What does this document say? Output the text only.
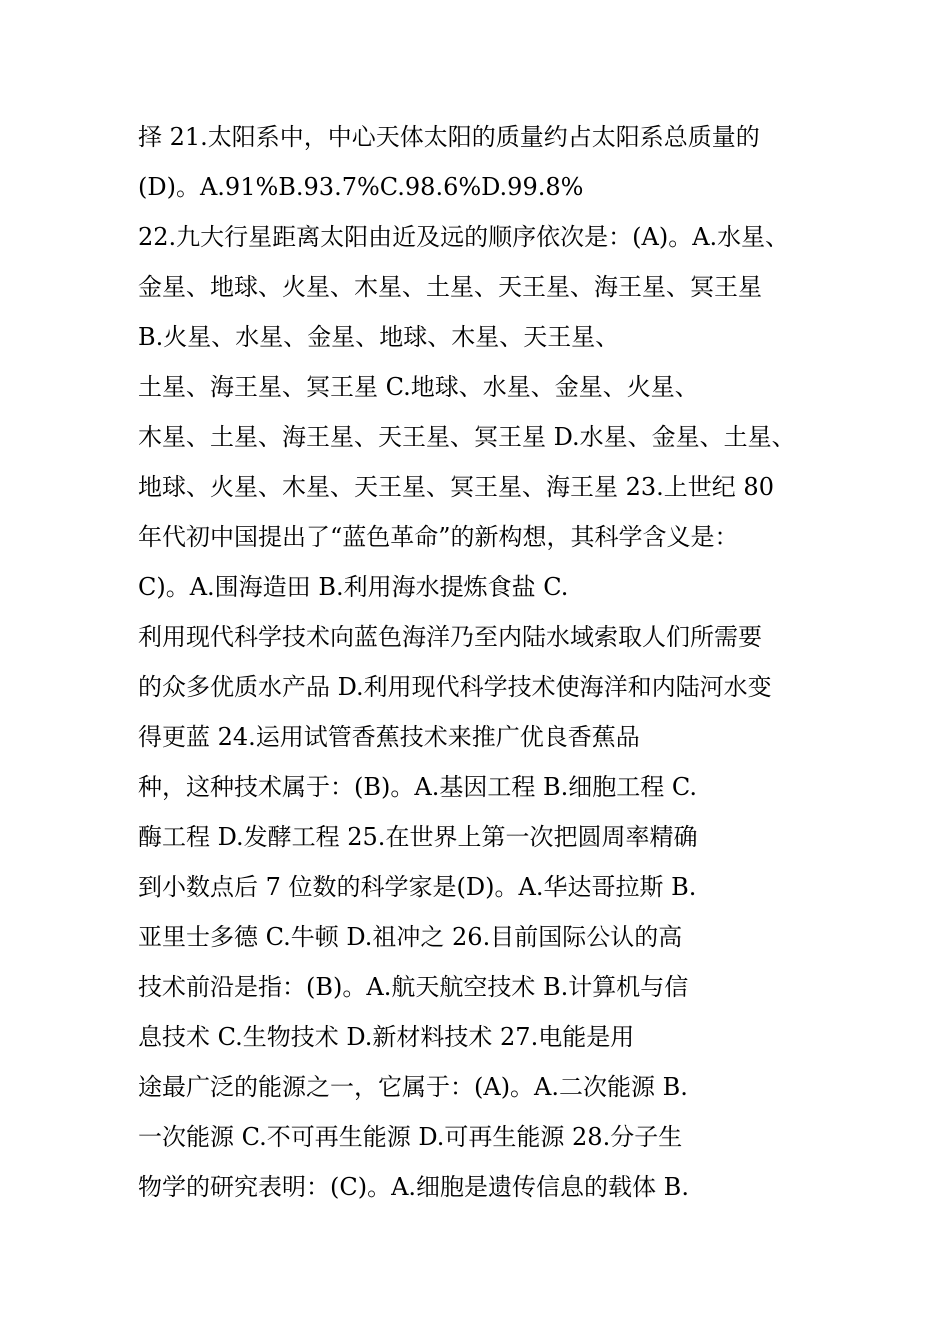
择 21.太阳系中，中心天体太阳的质量约占太阳系总质量的
(D)。A.91%B.93.7%C.98.6%D.99.8%
22.九大行星距离太阳由近及远的顺序依次是：(A)。A.水星、
金星、地球、火星、木星、土星、天王星、海王星、冥王星
B.火星、水星、金星、地球、木星、天王星、
土星、海王星、冥王星 C.地球、水星、金星、火星、
木星、土星、海王星、天王星、冥王星 D.水星、金星、土星、
地球、火星、木星、天王星、冥王星、海王星 23.上世纪 80
年代初中国提出了“蓝色革命”的新构想，其科学含义是：
C)。A.围海造田 B.利用海水提炼食盐 C.
利用现代科学技术向蓝色海洋乃至内陆水域索取人们所需要
的众多优质水产品 D.利用现代科学技术使海洋和内陆河水变
得更蓝 24.运用试管香蕉技术来推广优良香蕉品
种，这种技术属于：(B)。A.基因工程 B.细胞工程 C.
酶工程 D.发酵工程 25.在世界上第一次把圆周率精确
到小数点后 7 位数的科学家是(D)。A.华达哥拉斯 B.
亚里士多德 C.牛顿 D.祖冲之 26.目前国际公认的高
技术前沿是指：(B)。A.航天航空技术 B.计算机与信
息技术 C.生物技术 D.新材料技术 27.电能是用
途最广泛的能源之一，它属于：(A)。A.二次能源 B.
一次能源 C.不可再生能源 D.可再生能源 28.分子生
物学的研究表明：(C)。A.细胞是遗传信息的载体 B.
